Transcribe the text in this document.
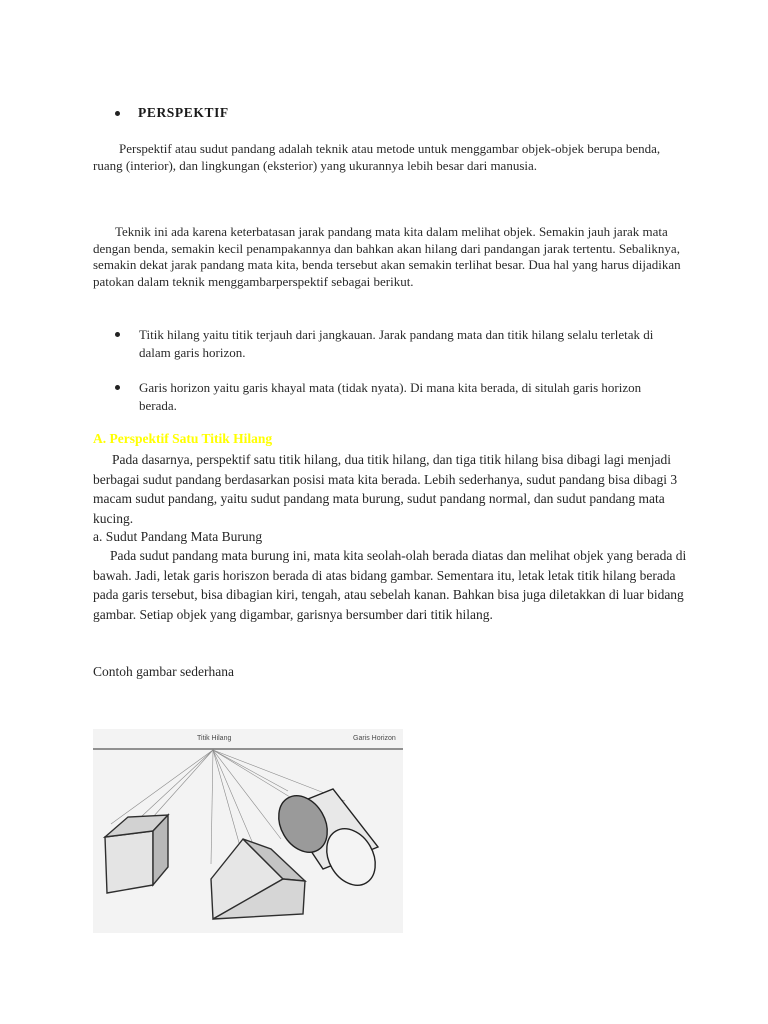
PERSPEKTIF
Perspektif atau sudut pandang adalah teknik atau metode untuk menggambar objek-objek berupa benda, ruang (interior), dan lingkungan (eksterior) yang ukurannya lebih besar dari manusia.
Teknik ini ada karena keterbatasan jarak pandang mata kita dalam melihat objek. Semakin jauh jarak mata dengan benda, semakin kecil penampakannya dan bahkan akan hilang dari pandangan jarak tertentu. Sebaliknya, semakin dekat jarak pandang mata kita, benda tersebut akan semakin terlihat besar. Dua hal yang harus dijadikan patokan dalam teknik menggambarperspektif sebagai berikut.
Titik hilang yaitu titik terjauh dari jangkauan. Jarak pandang mata dan titik hilang selalu terletak di dalam garis horizon.
Garis horizon yaitu garis khayal mata (tidak nyata). Di mana kita berada, di situlah garis horizon berada.
A. Perspektif Satu Titik Hilang
Pada dasarnya, perspektif satu titik hilang, dua titik hilang, dan tiga titik hilang bisa dibagi lagi menjadi berbagai sudut pandang berdasarkan posisi mata kita berada. Lebih sederhanya, sudut pandang bisa dibagi 3 macam sudut pandang, yaitu sudut pandang mata burung, sudut pandang normal, dan sudut pandang mata kucing.
a. Sudut Pandang Mata Burung
Pada sudut pandang mata burung ini, mata kita seolah-olah berada diatas dan melihat objek yang berada di bawah. Jadi, letak garis horiszon berada di atas bidang gambar. Sementara itu, letak letak titik hilang berada pada garis tersebut, bisa dibagian kiri, tengah, atau sebelah kanan. Bahkan bisa juga diletakkan di luar bidang gambar. Setiap objek yang digambar, garisnya bersumber dari titik hilang.
Contoh gambar sederhana
Titik Hilang	Garis Horizon
